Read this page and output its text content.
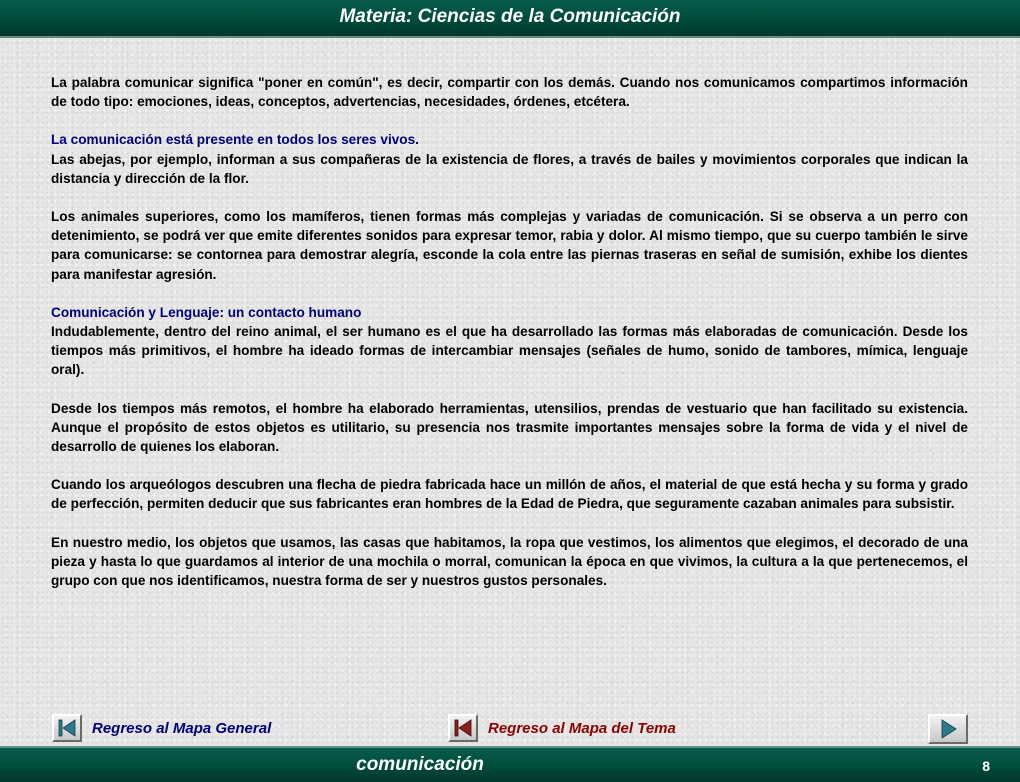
Materia: Ciencias de la Comunicación

La palabra comunicar significa "poner en común", es decir, compartir con los demás. Cuando nos comunicamos compartimos información de todo tipo: emociones, ideas, conceptos, advertencias, necesidades, órdenes, etcétera.

La comunicación está presente en todos los seres vivos.

Las abejas, por ejemplo, informan a sus compañeras de la existencia de flores, a través de bailes y movimientos corporales que indican la distancia y dirección de la flor.

Los animales superiores, como los mamíferos, tienen formas más complejas y variadas de comunicación. Si se observa a un perro con detenimiento, se podrá ver que emite diferentes sonidos para expresar temor, rabia y dolor. Al mismo tiempo, que su cuerpo también le sirve para comunicarse: se contornea para demostrar alegría, esconde la cola entre las piernas traseras en señal de sumisión, exhibe los dientes para manifestar agresión.

Comunicación y Lenguaje: un contacto humano

Indudablemente, dentro del reino animal, el ser humano es el que ha desarrollado las formas más elaboradas de comunicación. Desde los tiempos más primitivos, el hombre ha ideado formas de intercambiar mensajes (señales de humo, sonido de tambores, mímica, lenguaje oral).

Desde los tiempos más remotos, el hombre ha elaborado herramientas, utensilios, prendas de vestuario que han facilitado su existencia. Aunque el propósito de estos objetos es utilitario, su presencia nos trasmite importantes mensajes sobre la forma de vida y el nivel de desarrollo de quienes los elaboran.

Cuando los arqueólogos descubren una flecha de piedra fabricada hace un millón de años, el material de que está hecha y su forma y grado de perfección, permiten deducir que sus fabricantes eran hombres de la Edad de Piedra, que seguramente cazaban animales para subsistir.

En nuestro medio, los objetos que usamos, las casas que habitamos, la ropa que vestimos, los alimentos que elegimos, el decorado de una pieza y hasta lo que guardamos al interior de una mochila o morral, comunican la época en que vivimos, la cultura a la que pertenecemos, el grupo con que nos identificamos, nuestra forma de ser y nuestros gustos personales.

Regreso al Mapa General	Regreso al Mapa del Tema
comunicación	8
